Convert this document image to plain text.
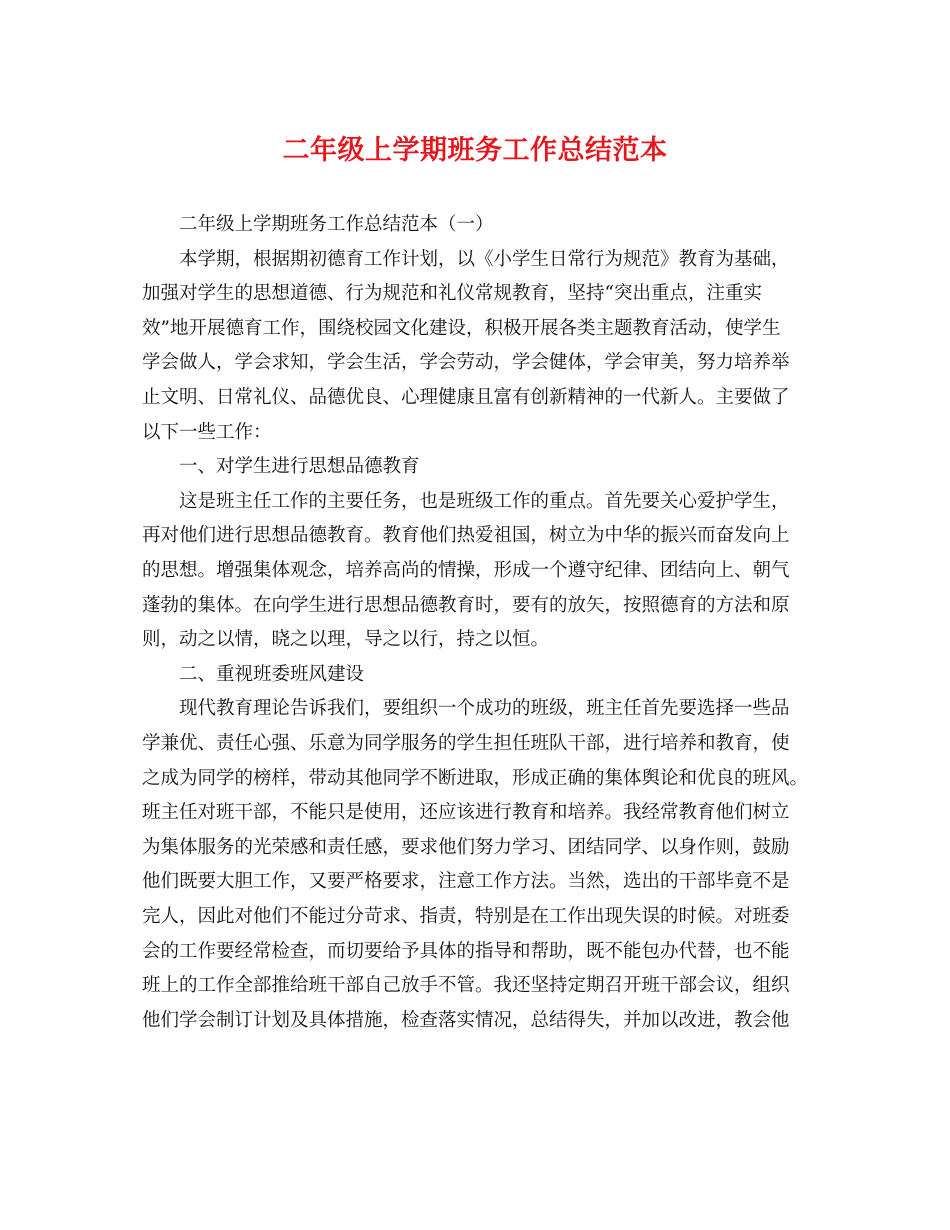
二年级上学期班务工作总结范本
二年级上学期班务工作总结范本（一）
本学期，根据期初德育工作计划，以《小学生日常行为规范》教育为基础，
加强对学生的思想道德、行为规范和礼仪常规教育，坚持“突出重点，注重实
效”地开展德育工作，围绕校园文化建设，积极开展各类主题教育活动，使学生
学会做人，学会求知，学会生活，学会劳动，学会健体，学会审美，努力培养举
止文明、日常礼仪、品德优良、心理健康且富有创新精神的一代新人。主要做了
以下一些工作：
一、对学生进行思想品德教育
这是班主任工作的主要任务，也是班级工作的重点。首先要关心爱护学生，
再对他们进行思想品德教育。教育他们热爱祖国，树立为中华的振兴而奋发向上
的思想。增强集体观念，培养高尚的情操，形成一个遵守纪律、团结向上、朝气
蓬勃的集体。在向学生进行思想品德教育时，要有的放矢，按照德育的方法和原
则，动之以情，晓之以理，导之以行，持之以恒。
二、重视班委班风建设
现代教育理论告诉我们，要组织一个成功的班级，班主任首先要选择一些品
学兼优、责任心强、乐意为同学服务的学生担任班队干部，进行培养和教育，使
之成为同学的榜样，带动其他同学不断进取，形成正确的集体舆论和优良的班风。
班主任对班干部，不能只是使用，还应该进行教育和培养。我经常教育他们树立
为集体服务的光荣感和责任感，要求他们努力学习、团结同学、以身作则，鼓励
他们既要大胆工作，又要严格要求，注意工作方法。当然，选出的干部毕竟不是
完人，因此对他们不能过分苛求、指责，特别是在工作出现失误的时候。对班委
会的工作要经常检查，而切要给予具体的指导和帮助，既不能包办代替，也不能
班上的工作全部推给班干部自己放手不管。我还坚持定期召开班干部会议，组织
他们学会制订计划及具体措施，检查落实情况，总结得失，并加以改进，教会他
